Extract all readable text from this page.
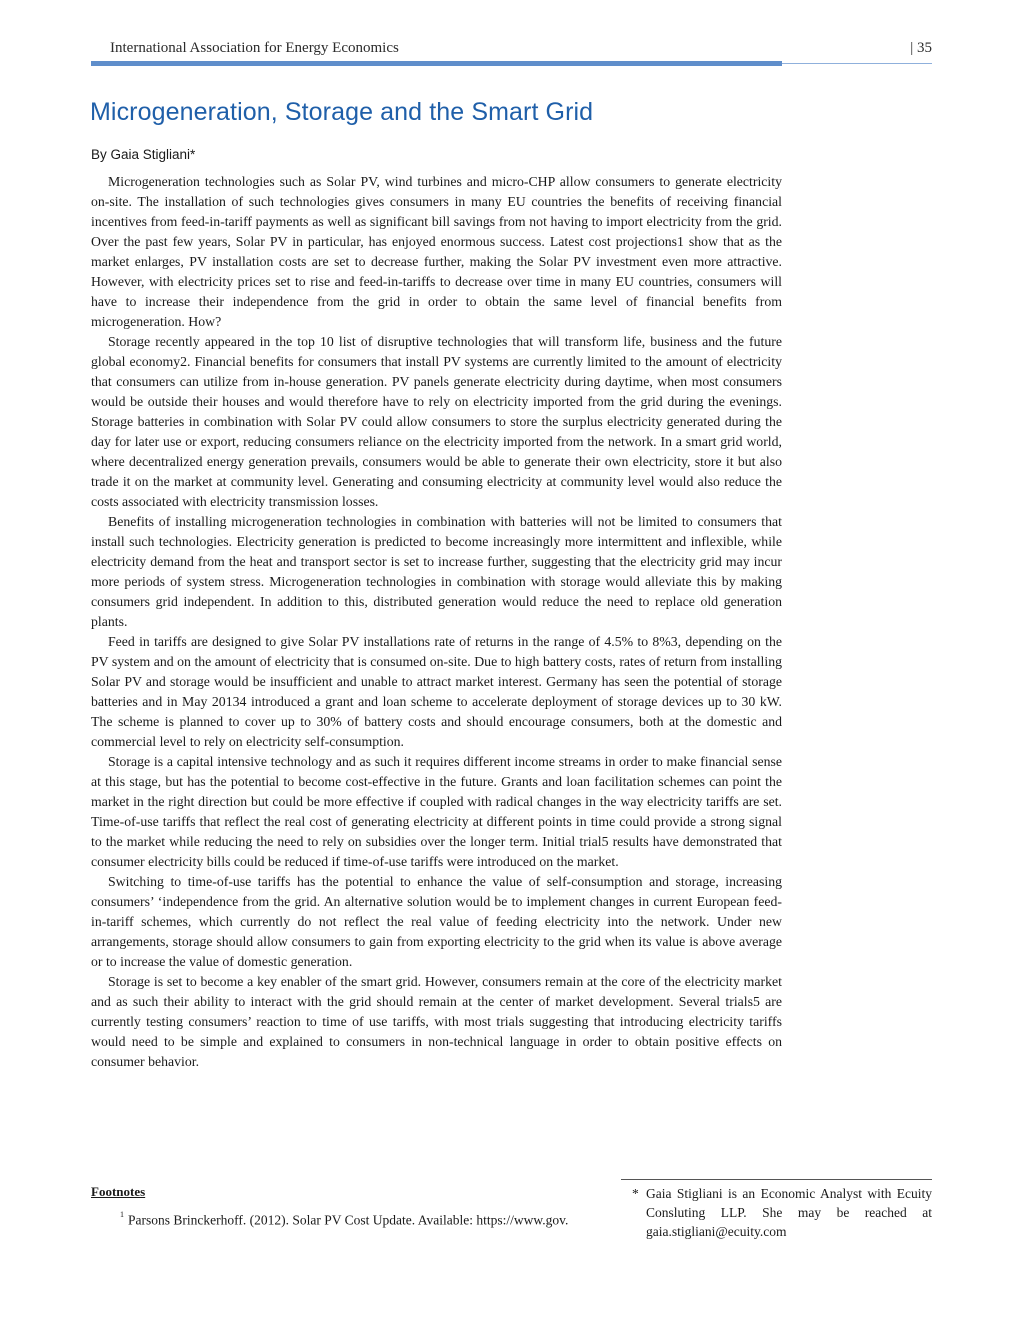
International Association for Energy Economics	| 35
Microgeneration, Storage and the Smart Grid
By Gaia Stigliani*

Microgeneration technologies such as Solar PV, wind turbines and micro-CHP allow consumers to generate electricity on-site. The installation of such technologies gives consumers in many EU countries the benefits of receiving financial incentives from feed-in-tariff payments as well as significant bill savings from not having to import electricity from the grid. Over the past few years, Solar PV in particular, has enjoyed enormous success. Latest cost projections1 show that as the market enlarges, PV installation costs are set to decrease further, making the Solar PV investment even more attractive. However, with electricity prices set to rise and feed-in-tariffs to decrease over time in many EU countries, consumers will have to increase their independence from the grid in order to obtain the same level of financial benefits from microgeneration. How?

Storage recently appeared in the top 10 list of disruptive technologies that will transform life, business and the future global economy2. Financial benefits for consumers that install PV systems are currently limited to the amount of electricity that consumers can utilize from in-house generation. PV panels generate electricity during daytime, when most consumers would be outside their houses and would therefore have to rely on electricity imported from the grid during the evenings. Storage batteries in combination with Solar PV could allow consumers to store the surplus electricity generated during the day for later use or export, reducing consumers reliance on the electricity imported from the network. In a smart grid world, where decentralized energy generation prevails, consumers would be able to generate their own electricity, store it but also trade it on the market at community level. Generating and consuming electricity at community level would also reduce the costs associated with electricity transmission losses.

Benefits of installing microgeneration technologies in combination with batteries will not be limited to consumers that install such technologies. Electricity generation is predicted to become increasingly more intermittent and inflexible, while electricity demand from the heat and transport sector is set to increase further, suggesting that the electricity grid may incur more periods of system stress. Microgeneration technologies in combination with storage would alleviate this by making consumers grid independent. In addition to this, distributed generation would reduce the need to replace old generation plants.

Feed in tariffs are designed to give Solar PV installations rate of returns in the range of 4.5% to 8%3, depending on the PV system and on the amount of electricity that is consumed on-site. Due to high battery costs, rates of return from installing Solar PV and storage would be insufficient and unable to attract market interest. Germany has seen the potential of storage batteries and in May 20134 introduced a grant and loan scheme to accelerate deployment of storage devices up to 30 kW. The scheme is planned to cover up to 30% of battery costs and should encourage consumers, both at the domestic and commercial level to rely on electricity self-consumption.

Storage is a capital intensive technology and as such it requires different income streams in order to make financial sense at this stage, but has the potential to become cost-effective in the future. Grants and loan facilitation schemes can point the market in the right direction but could be more effective if coupled with radical changes in the way electricity tariffs are set. Time-of-use tariffs that reflect the real cost of generating electricity at different points in time could provide a strong signal to the market while reducing the need to rely on subsidies over the longer term. Initial trial5 results have demonstrated that consumer electricity bills could be reduced if time-of-use tariffs were introduced on the market.

Switching to time-of-use tariffs has the potential to enhance the value of self-consumption and storage, increasing consumers’ ‘independence from the grid. An alternative solution would be to implement changes in current European feed-in-tariff schemes, which currently do not reflect the real value of feeding electricity into the network. Under new arrangements, storage should allow consumers to gain from exporting electricity to the grid when its value is above average or to increase the value of domestic generation.

Storage is set to become a key enabler of the smart grid. However, consumers remain at the core of the electricity market and as such their ability to interact with the grid should remain at the center of market development. Several trials5 are currently testing consumers’ reaction to time of use tariffs, with most trials suggesting that introducing electricity tariffs would need to be simple and explained to consumers in non-technical language in order to obtain positive effects on consumer behavior.

Footnotes
$^1$ Parsons Brinckerhoff. (2012). Solar PV Cost Update. Available: https://www.gov.
* Gaia Stigliani is an Economic Analyst with Ecuity Consluting LLP. She may be reached at gaia.stigliani@ecuity.com
